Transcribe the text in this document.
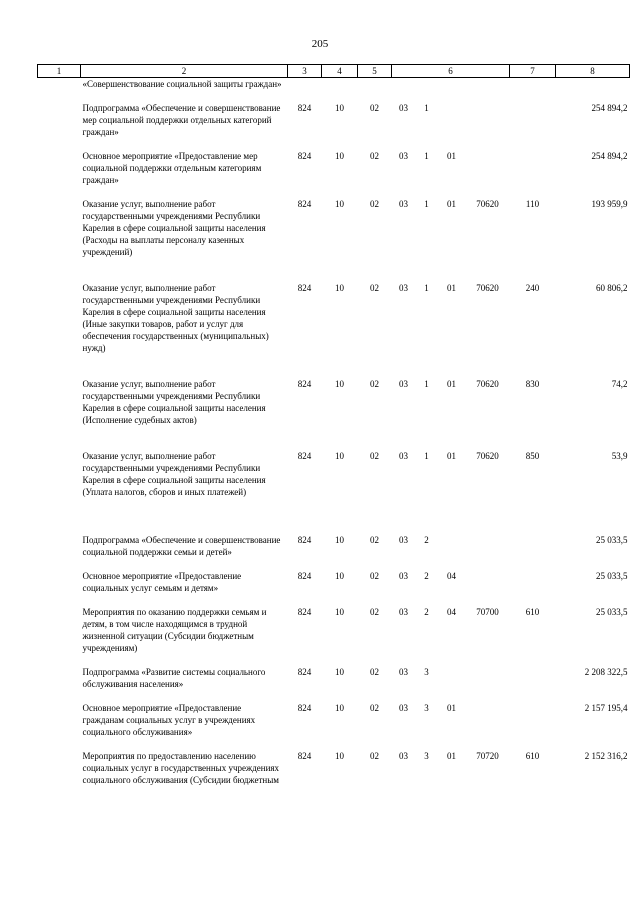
205
1	2	3	4	5	6				7	8
	«Совершенствование социальной защиты граждан»									
	Подпрограмма «Обеспечение и совершенствование мер социальной поддержки отдельных категорий граждан»	824	10	02	03	1				254 894,2
	Основное мероприятие «Предоставление мер социальной поддержки отдельным категориям граждан»	824	10	02	03	1	01			254 894,2
	Оказание услуг, выполнение работ государственными учреждениями Республики Карелия в сфере социальной защиты населения (Расходы на выплаты персоналу казенных учреждений)	824	10	02	03	1	01	70620	110	193 959,9
	Оказание услуг, выполнение работ государственными учреждениями Республики Карелия в сфере социальной защиты населения (Иные закупки товаров, работ и услуг для обеспечения государственных (муниципальных) нужд)	824	10	02	03	1	01	70620	240	60 806,2
	Оказание услуг, выполнение работ государственными учреждениями Республики Карелия в сфере социальной защиты населения (Исполнение судебных актов)	824	10	02	03	1	01	70620	830	74,2
	Оказание услуг, выполнение работ государственными учреждениями Республики Карелия в сфере социальной защиты населения (Уплата налогов, сборов и иных платежей)	824	10	02	03	1	01	70620	850	53,9
	Подпрограмма «Обеспечение и совершенствование социальной поддержки семьи и детей»	824	10	02	03	2				25 033,5
	Основное мероприятие «Предоставление социальных услуг семьям и детям»	824	10	02	03	2	04			25 033,5
	Мероприятия по оказанию поддержки семьям и детям, в том числе находящимся в трудной жизненной ситуации (Субсидии бюджетным учреждениям)	824	10	02	03	2	04	70700	610	25 033,5
	Подпрограмма «Развитие системы социального обслуживания населения»	824	10	02	03	3				2 208 322,5
	Основное мероприятие «Предоставление гражданам социальных услуг в учреждениях социального обслуживания»	824	10	02	03	3	01			2 157 195,4
	Мероприятия по предоставлению населению социальных услуг в государственных учреждениях социального обслуживания (Субсидии бюджетным	824	10	02	03	3	01	70720	610	2 152 316,2
